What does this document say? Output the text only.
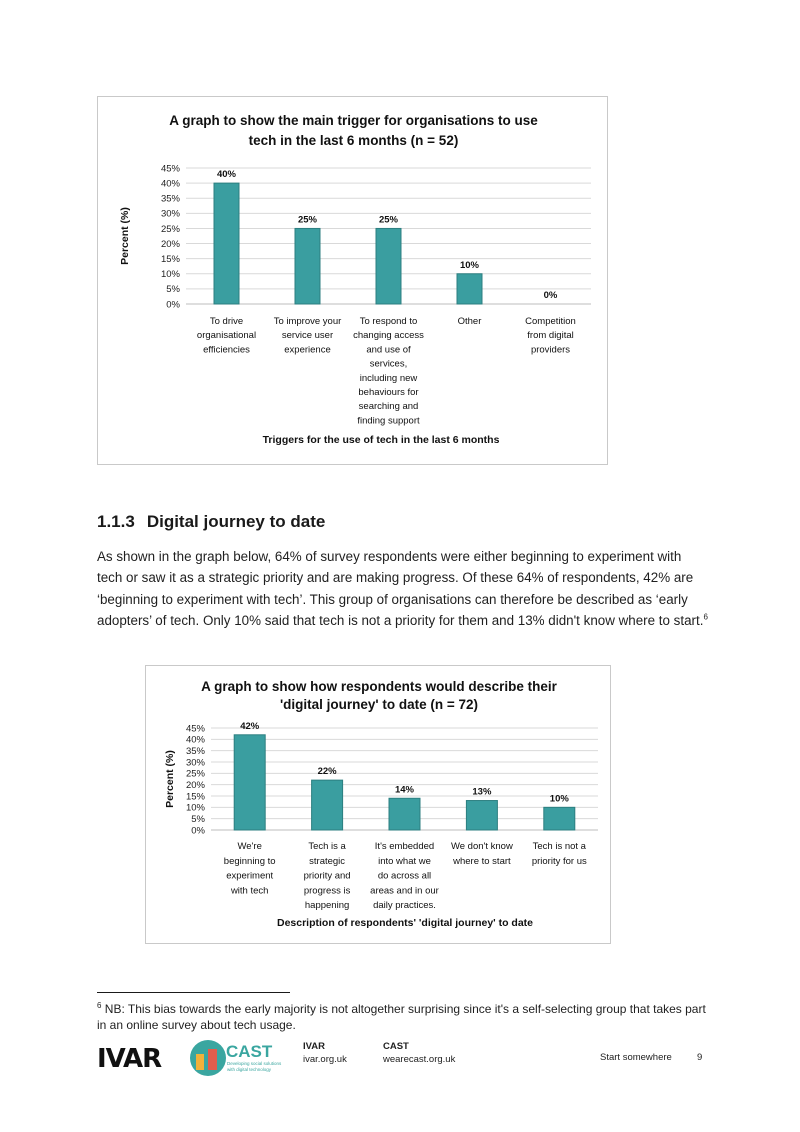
A graph to show the main trigger for organisations to use
tech in the last 6 months (n = 52)
0%
5%
10%
15%
20%
25%
30%
35%
40%
45%
Percent (%)
40%
To drive
organisational
efficiencies
25%
To improve your
service user
experience
25%
To respond to
changing access
and use of
services,
including new
behaviours for
searching and
finding support
10%
Other
0%
Competition
from digital
providers
Triggers for the use of tech in the last 6 months
1.1.3 Digital journey to date
As shown in the graph below, 64% of survey respondents were either beginning to experiment with tech or saw it as a strategic priority and are making progress. Of these 64% of respondents, 42% are ‘beginning to experiment with tech’. This group of organisations can therefore be described as ‘early adopters’ of tech. Only 10% said that tech is not a priority for them and 13% didn't know where to start.$^6$
A graph to show how respondents would describe their
'digital journey' to date (n = 72)
0%
5%
10%
15%
20%
25%
30%
35%
40%
45%
Percent (%)
42%
We're
beginning to
experiment
with tech
22%
Tech is a
strategic
priority and
progress is
happening
14%
It's embedded
into what we
do across all
areas and in our
daily practices.
13%
We don't know
where to start
10%
Tech is not a
priority for us
Description of respondents' 'digital journey' to date
$^6$ NB: This bias towards the early majority is not altogether surprising since it's a self-selecting group that takes part in an online survey about tech usage.
IVAR	CAST
Developing social solutions with digital technology
IVAR
ivar.org.uk
CAST
wearecast.org.uk	Start somewhere	9
